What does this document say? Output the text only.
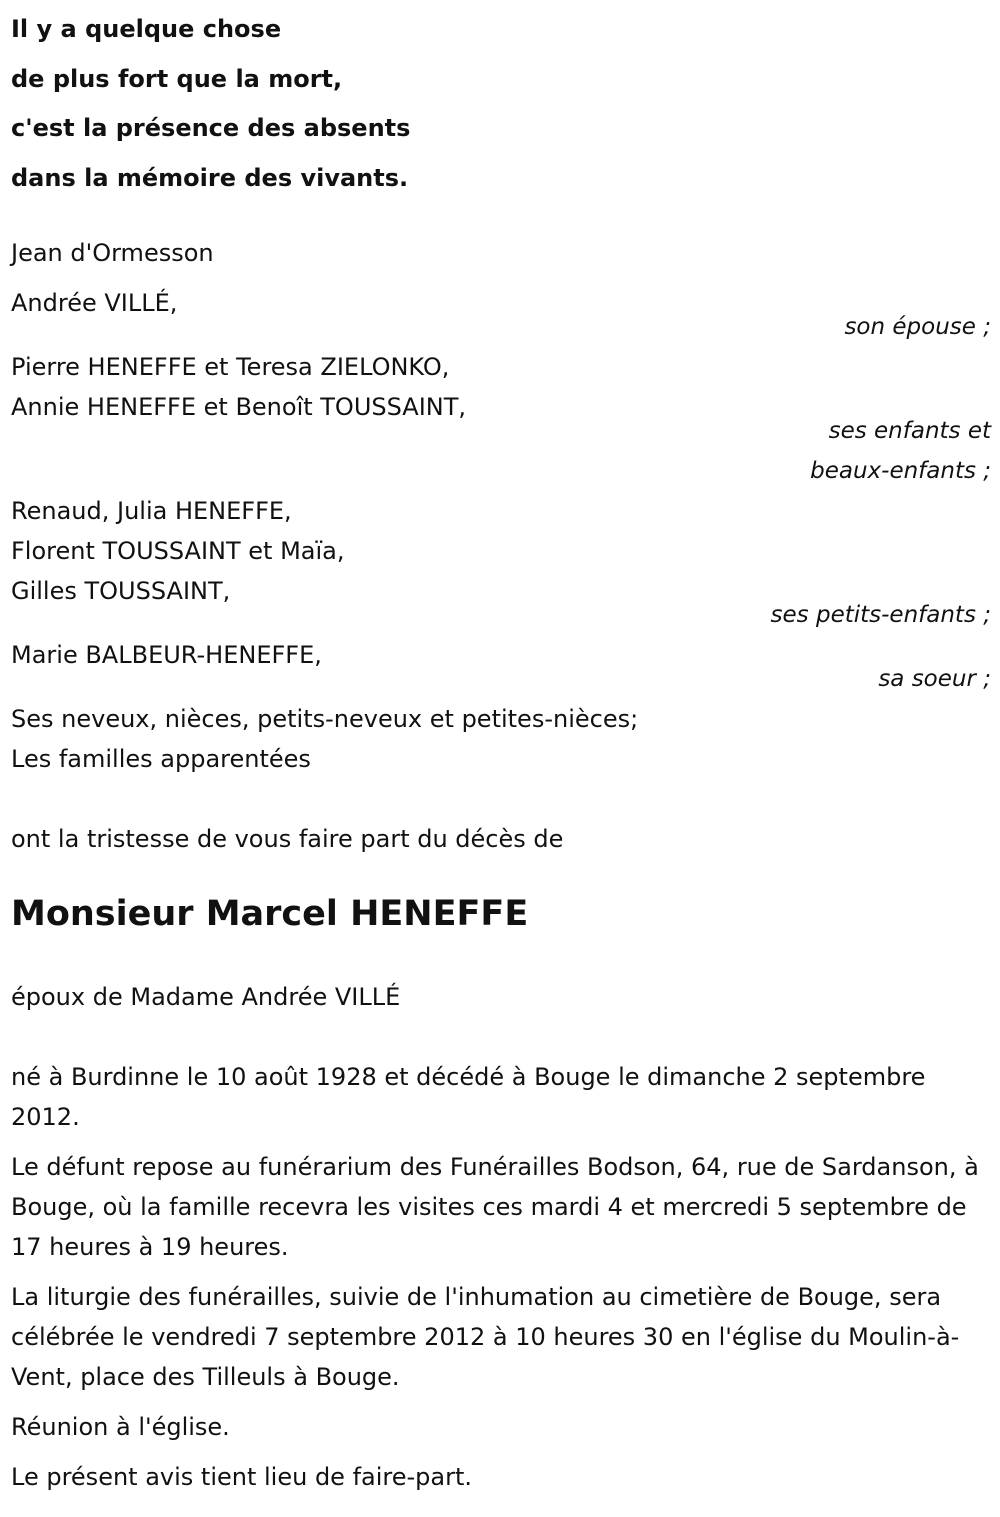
Il y a quelque chose

de plus fort que la mort,

c'est la présence des absents

dans la mémoire des vivants.

Jean d'Ormesson

Andrée VILLÉ,

son épouse ;

Pierre HENEFFE et Teresa ZIELONKO,

Annie HENEFFE et Benoît TOUSSAINT,

ses enfants et

beaux-enfants ;

Renaud, Julia HENEFFE,

Florent TOUSSAINT et Maïa,

Gilles TOUSSAINT,

ses petits-enfants ;

Marie BALBEUR-HENEFFE,

sa soeur ;

Ses neveux, nièces, petits-neveux et petites-nièces;

Les familles apparentées

ont la tristesse de vous faire part du décès de

Monsieur Marcel HENEFFE

époux de Madame Andrée VILLÉ

né à Burdinne le 10 août 1928 et décédé à Bouge le dimanche 2 septembre 2012.

Le défunt repose au funérarium des Funérailles Bodson, 64, rue de Sardanson, à Bouge, où la famille recevra les visites ces mardi 4 et mercredi 5 septembre de 17 heures à 19 heures.

La liturgie des funérailles, suivie de l'inhumation au cimetière de Bouge, sera célébrée le vendredi 7 septembre 2012 à 10 heures 30 en l'église du Moulin-à-Vent, place des Tilleuls à Bouge.

Réunion à l'église.

Le présent avis tient lieu de faire-part.
